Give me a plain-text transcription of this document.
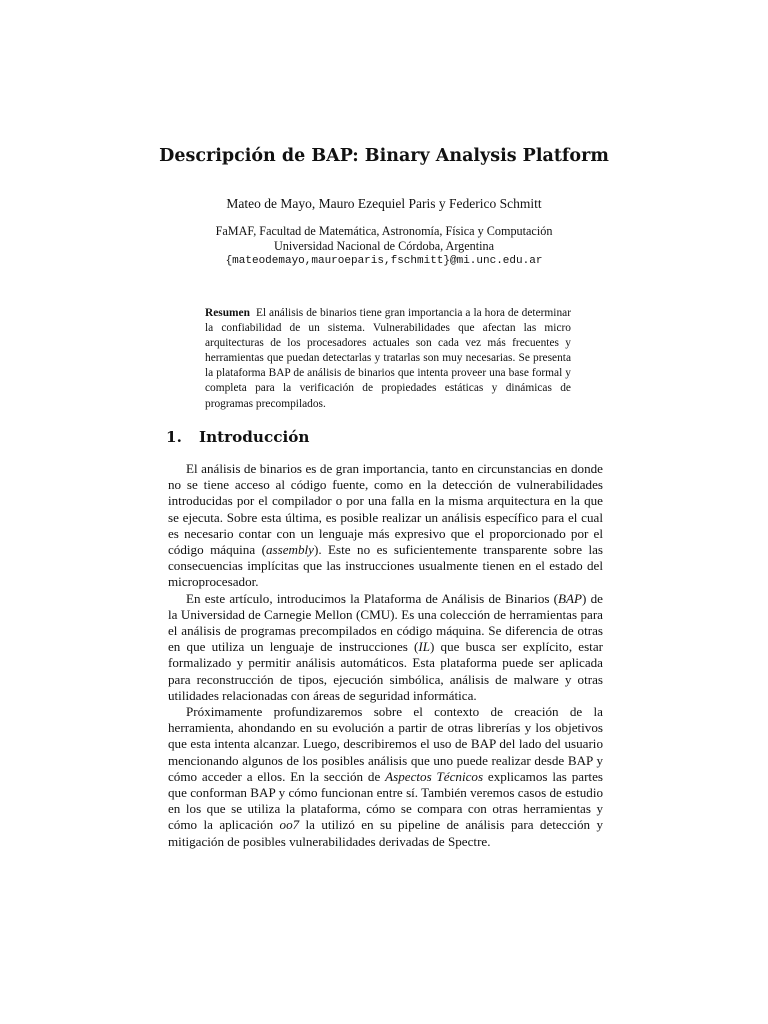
Descripción de BAP: Binary Analysis Platform
Mateo de Mayo, Mauro Ezequiel Paris y Federico Schmitt
FaMAF, Facultad de Matemática, Astronomía, Física y Computación
Universidad Nacional de Córdoba, Argentina
{mateodemayo,mauroeparis,fschmitt}@mi.unc.edu.ar
Resumen El análisis de binarios tiene gran importancia a la hora de determinar la confiabilidad de un sistema. Vulnerabilidades que afectan las micro arquitecturas de los procesadores actuales son cada vez más frecuentes y herramientas que puedan detectarlas y tratarlas son muy necesarias. Se presenta la plataforma BAP de análisis de binarios que intenta proveer una base formal y completa para la verificación de propiedades estáticas y dinámicas de programas precompilados.
1. Introducción

El análisis de binarios es de gran importancia, tanto en circunstancias en donde no se tiene acceso al código fuente, como en la detección de vulnerabilidades introducidas por el compilador o por una falla en la misma arquitectura en la que se ejecuta. Sobre esta última, es posible realizar un análisis específico para el cual es necesario contar con un lenguaje más expresivo que el proporcionado por el código máquina (assembly). Este no es suficientemente transparente sobre las consecuencias implícitas que las instrucciones usualmente tienen en el estado del microprocesador.

En este artículo, introducimos la Plataforma de Análisis de Binarios (BAP) de la Universidad de Carnegie Mellon (CMU). Es una colección de herramientas para el análisis de programas precompilados en código máquina. Se diferencia de otras en que utiliza un lenguaje de instrucciones (IL) que busca ser explícito, estar formalizado y permitir análisis automáticos. Esta plataforma puede ser aplicada para reconstrucción de tipos, ejecución simbólica, análisis de malware y otras utilidades relacionadas con áreas de seguridad informática.

Próximamente profundizaremos sobre el contexto de creación de la herramienta, ahondando en su evolución a partir de otras librerías y los objetivos que esta intenta alcanzar. Luego, describiremos el uso de BAP del lado del usuario mencionando algunos de los posibles análisis que uno puede realizar desde BAP y cómo acceder a ellos. En la sección de Aspectos Técnicos explicamos las partes que conforman BAP y cómo funcionan entre sí. También veremos casos de estudio en los que se utiliza la plataforma, cómo se compara con otras herramientas y cómo la aplicación oo7 la utilizó en su pipeline de análisis para detección y mitigación de posibles vulnerabilidades derivadas de Spectre.
